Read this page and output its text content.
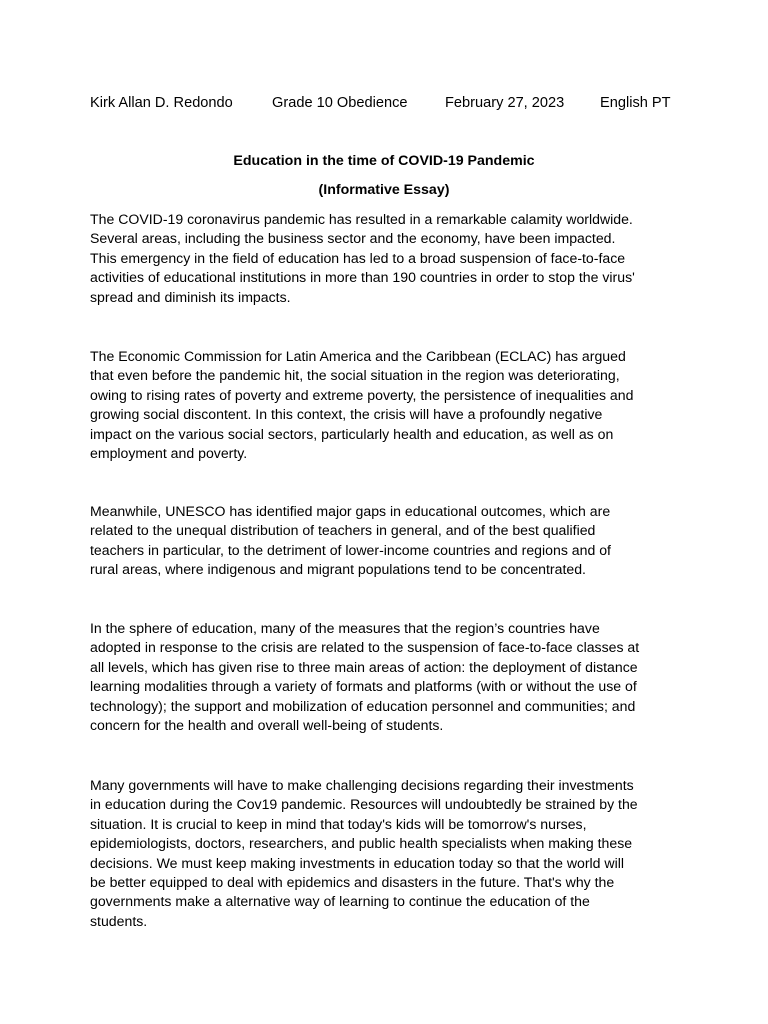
Kirk Allan D. Redondo	Grade 10 Obedience	February 27, 2023 English PT
Education in the time of COVID-19 Pandemic
(Informative Essay)

The COVID-19 coronavirus pandemic has resulted in a remarkable calamity worldwide.
Several areas, including the business sector and the economy, have been impacted.
This emergency in the field of education has led to a broad suspension of face-to-face
activities of educational institutions in more than 190 countries in order to stop the virus'
spread and diminish its impacts.

The Economic Commission for Latin America and the Caribbean (ECLAC) has argued
that even before the pandemic hit, the social situation in the region was deteriorating,
owing to rising rates of poverty and extreme poverty, the persistence of inequalities and
growing social discontent. In this context, the crisis will have a profoundly negative
impact on the various social sectors, particularly health and education, as well as on
employment and poverty.

Meanwhile, UNESCO has identified major gaps in educational outcomes, which are
related to the unequal distribution of teachers in general, and of the best qualified
teachers in particular, to the detriment of lower-income countries and regions and of
rural areas, where indigenous and migrant populations tend to be concentrated.

In the sphere of education, many of the measures that the region’s countries have
adopted in response to the crisis are related to the suspension of face-to-face classes at
all levels, which has given rise to three main areas of action: the deployment of distance
learning modalities through a variety of formats and platforms (with or without the use of
technology); the support and mobilization of education personnel and communities; and
concern for the health and overall well-being of students.

Many governments will have to make challenging decisions regarding their investments
in education during the Cov19 pandemic. Resources will undoubtedly be strained by the
situation. It is crucial to keep in mind that today's kids will be tomorrow's nurses,
epidemiologists, doctors, researchers, and public health specialists when making these
decisions. We must keep making investments in education today so that the world will
be better equipped to deal with epidemics and disasters in the future. That's why the
governments make a alternative way of learning to continue the education of the
students.
